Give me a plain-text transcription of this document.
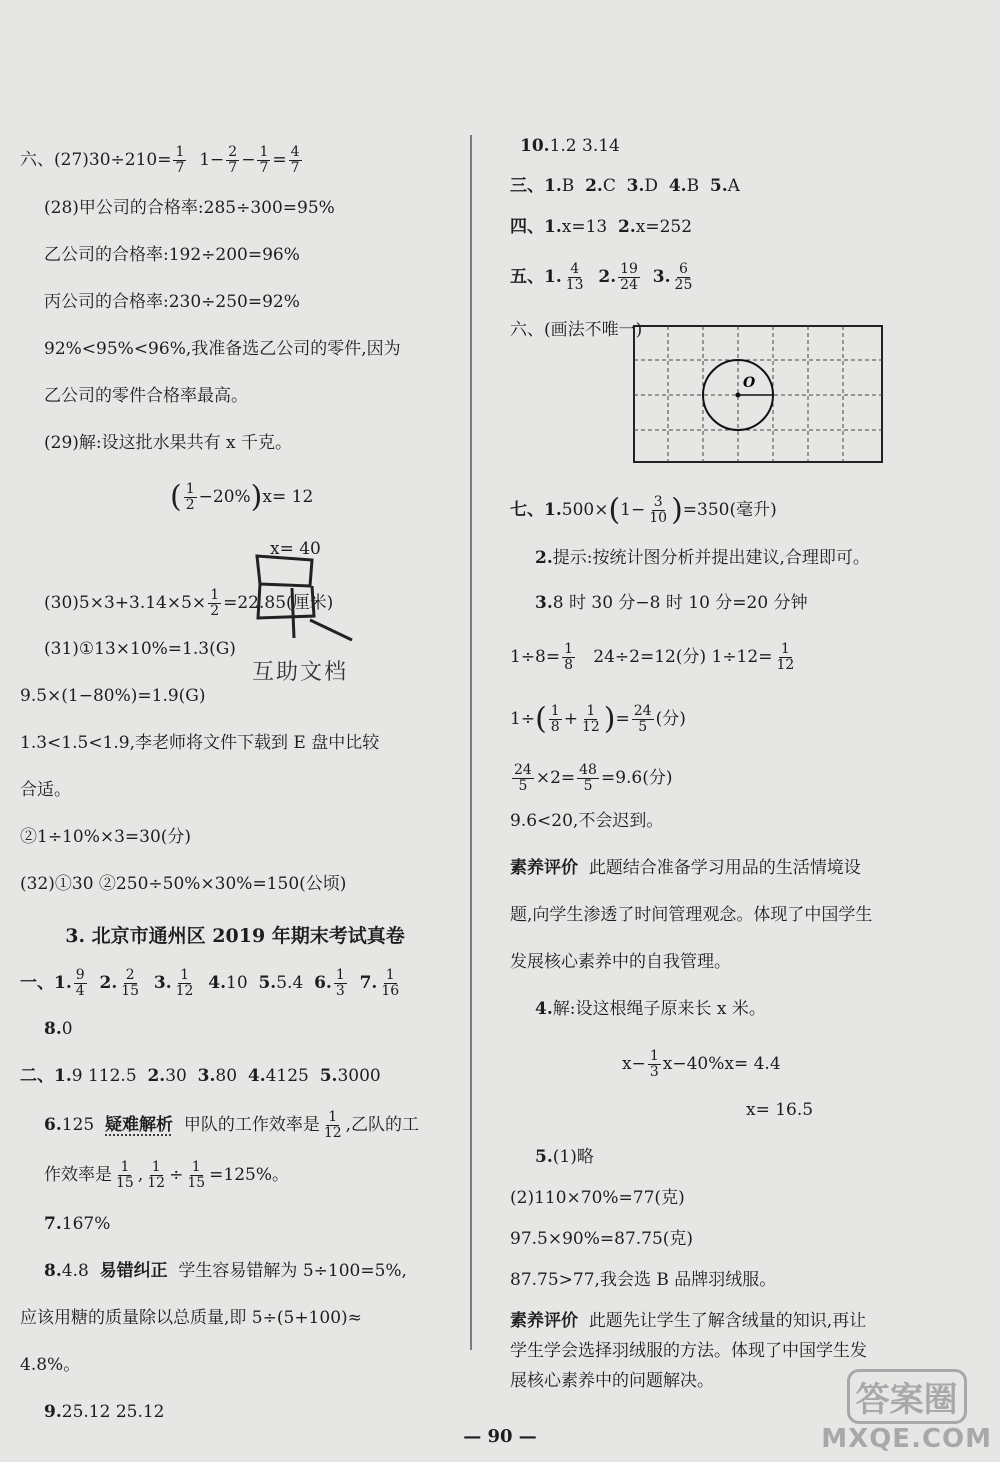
六、$(27)30\div 210= \frac{1}{7} 1- \frac{2}{7} - \frac{1}{7} = \frac{4}{7}$
(28)甲公司的合格率:285÷300=95%
乙公司的合格率:192÷200=96%
丙公司的合格率:230÷250=92%
92%<95%<96%,我准备选乙公司的零件,因为
乙公司的零件合格率最高。
(29)解:设这批水果共有 x 千克。
( $\frac{1}{2} -20\%)x= 12$
x= 40
$(30)5\times 3+3.14\times 5\times \frac{1}{2} =22.85$(厘米)
(31)①13×10%=1.3(G)
9.5×(1−80%)=1.9(G)
互助文档
1.3<1.5<1.9,李老师将文件下载到 E 盘中比较
合适。
②1÷10%×3=30(分)
(32)①30 ②250÷50%×30%=150(公顷)
3. 北京市通州区 2019 年期末考试真卷
一、1. $\frac{9}{4} 2$. $\frac{2}{15} 3$. $\frac{1}{12} 4.10$ 5.5.4 6. $\frac{1}{3} 7$. $\frac{1}{16}$
8.0
二、1.9 112.5 2.30 3.80 4.4125 5.3000
6.125 疑难解析 甲队的工作效率是 $\frac{1}{12}$ ,乙队的工
作效率是 $\frac{1}{15}$ , $\frac{1}{12} \div \frac{1}{15} =125\%$。
7.167%
8.4.8 易错纠正 学生容易错解为 5÷100=5%,
应该用糖的质量除以总质量,即 5÷(5+100)≈
4.8%。
10.1.2 3.14
三、1.B 2.C 3.D 4.B 5.A
四、1.x=13 2.x=252
五、1. $\frac{4}{13} 2$. $\frac{19}{24} 3$. $\frac{6}{25}$
六、(画法不唯一)
O
七、$1.500\times(1- \frac{3}{10} )=350$(毫升)
2.提示:按统计图分析并提出建议,合理即可。
3.8 时 30 分−8 时 10 分=20 分钟
$1\div 8= \frac{1}{8} 24\div 2=12$(分) $1\div 12= \frac{1}{12}$
$1\div( \frac{1}{8} + \frac{1}{12}$ )= $\frac{24}{5}$ (分)
$\frac{24}{5} \times 2= \frac{48}{5} =9.6$(分)
9.6<20,不会迟到。
素养评价 此题结合准备学习用品的生活情境设
题,向学生渗透了时间管理观念。体现了中国学生
发展核心素养中的自我管理。
4.解:设这根绳子原来长 x 米。
$x- \frac{1}{3} x-40\%x= 4.4$
x= 16.5
5.(1)略
(2)110×70%=77(克)
97.5×90%=87.75(克)
87.75>77,我会选 B 品牌羽绒服。
素养评价 此题先让学生了解含绒量的知识,再让
学生学会选择羽绒服的方法。体现了中国学生发
展核心素养中的问题解决。
9.25.12 25.12
— 90 —
答案圈
MXQE.COM
